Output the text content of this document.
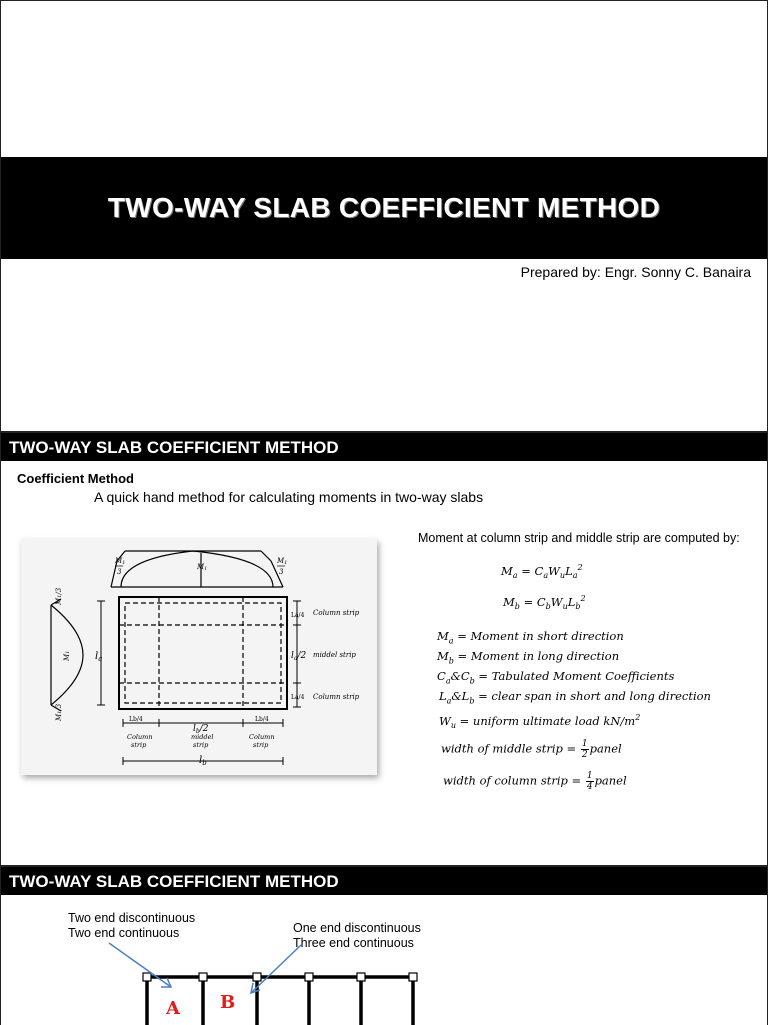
TWO-WAY SLAB COEFFICIENT METHOD
Prepared by: Engr. Sonny C. Banaira
TWO-WAY SLAB COEFFICIENT METHOD
Coefficient Method
A quick hand method for calculating moments in two-way slabs
$l_a$
La/4
La/4
$l_a/2$
Column strip
middel strip
Column strip
Lb/4	Lb/4
$l_b/2$
Column
strip
middel
strip
Column
strip
$l_b$
M1
3
M1
3
M1
M1/3
M1
M1/3
Moment at column strip and middle strip are computed by:
$M_a = C_aW_uL_a^2$
$M_b = C_bW_uL_b^2$
$M_a$ = Moment in short direction
$M_b$ = Moment in long direction
$C_a\&C_b$ = Tabulated Moment Coefficients
$L_a\&L_b$ = clear span in short and long direction
$W_u$ = uniform ultimate load $kN/m^2$
width of middle strip = $\frac{1}{2}$ panel
width of column strip = $\frac{1}{4}$ panel
TWO-WAY SLAB COEFFICIENT METHOD
Two end discontinuous
Two end continuous	One end discontinuous
Three end continuous
A B
